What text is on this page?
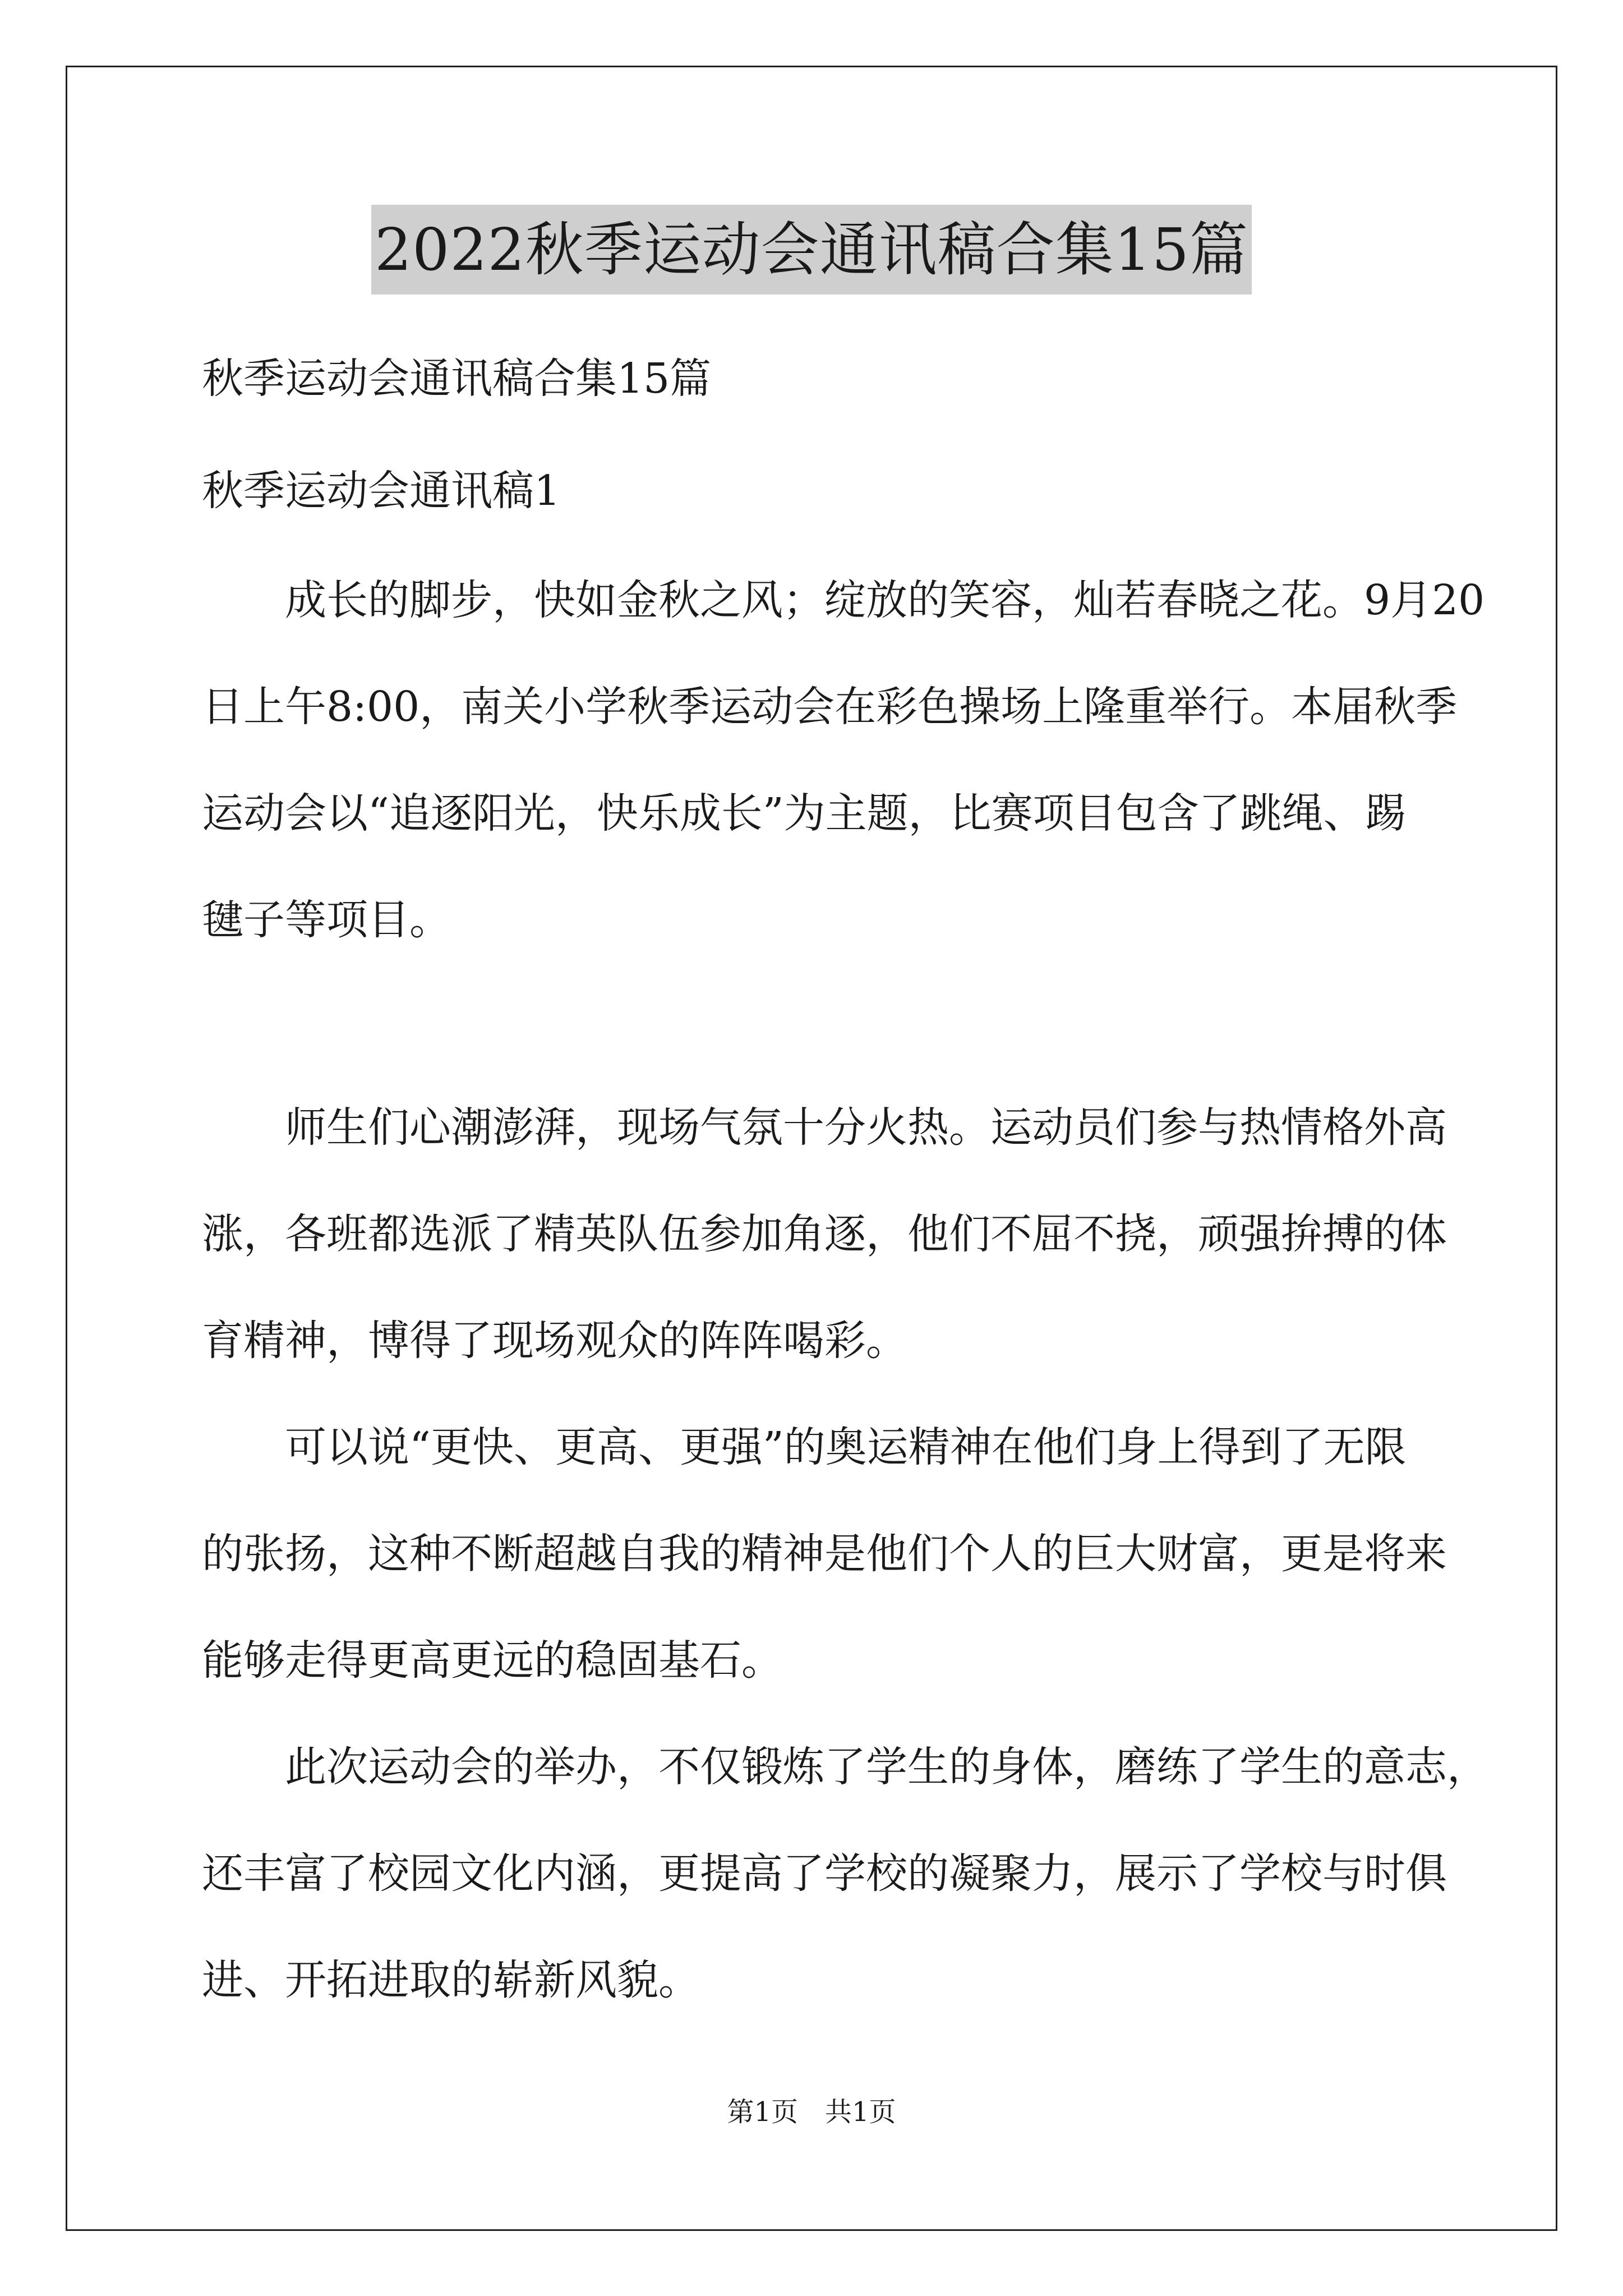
2022秋季运动会通讯稿合集15篇
秋季运动会通讯稿合集15篇
秋季运动会通讯稿1
　　成长的脚步，快如金秋之风；绽放的笑容，灿若春晓之花。9月20
日上午8:00，南关小学秋季运动会在彩色操场上隆重举行。本届秋季
运动会以“追逐阳光，快乐成长”为主题，比赛项目包含了跳绳、踢
毽子等项目。
　　师生们心潮澎湃，现场气氛十分火热。运动员们参与热情格外高
涨，各班都选派了精英队伍参加角逐，他们不屈不挠，顽强拚搏的体
育精神，博得了现场观众的阵阵喝彩。
　　可以说“更快、更高、更强”的奥运精神在他们身上得到了无限
的张扬，这种不断超越自我的精神是他们个人的巨大财富，更是将来
能够走得更高更远的稳固基石。
　　此次运动会的举办，不仅锻炼了学生的身体，磨练了学生的意志，
还丰富了校园文化内涵，更提高了学校的凝聚力，展示了学校与时俱
进、开拓进取的崭新风貌。
第1页　共1页
